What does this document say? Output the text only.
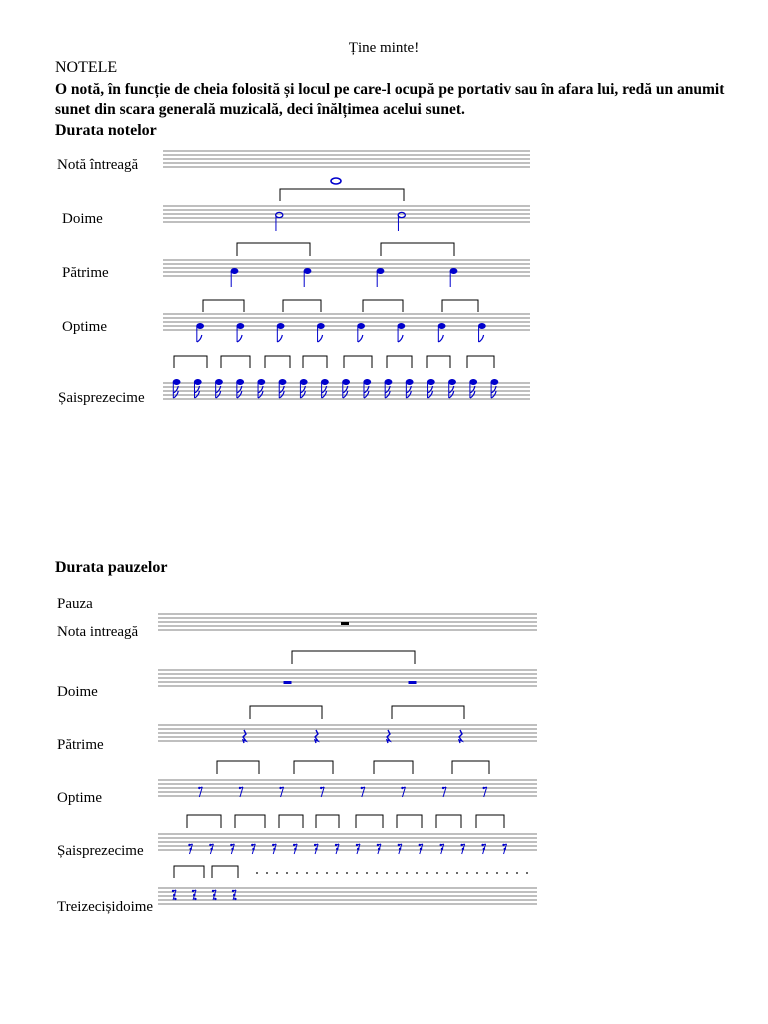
Ține minte!
NOTELE
O notă, în funcție de cheia folosită și locul pe care-l ocupă pe portativ sau în afara lui, redă un anumit sunet din scara generală muzicală, deci înălțimea acelui sunet.
Durata notelor
Notă întreagă
Doime
Pătrime
Optime
Șaisprezecime
Durata pauzelor
Pauza
Nota intreagă
Doime
Pătrime
Optime
Șaisprezecime
Treizecișidoime
